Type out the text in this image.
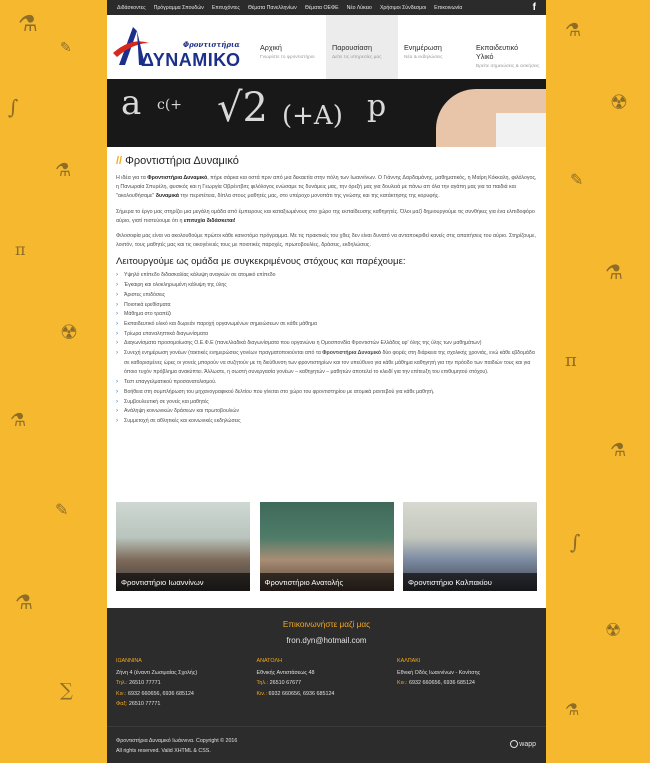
⚗
✎
∫
⚗
π
☢
⚗
✎
⚗
∑
⚗
☢
✎
⚗
π
⚗
∫
☢
⚗
Διδάσκοντες Πρόγραμμα Σπουδών Επιτυχόντες Θέματα Πανελληνίων Θέματα ΟΕΦΕ Νέο Λύκειο Χρήσιμοι Σύνδεσμοι Επικοινωνία	f
Φροντιστήρια
ΔΥΝΑΜΙΚΟ
Αρχική
Γνωρίστε το φροντιστήριο
Παρουσίαση
Δείτε τις υπηρεσίες μας
Ενημέρωση
Νέα & εκδηλώσεις
Εκπαιδευτικό Υλικό
Βρείτε σημειώσεις & ασκήσεις
a c(+ √2 (+A) p
// Φροντιστήρια Δυναμικό

Η ιδέα για τα Φροντιστήρια Δυναμικό, πήρε σάρκα και οστά πριν από μια δεκαετία στην πόλη των Ιωαννίνων. Ο Γιάννης Δαρδαμάνης, μαθηματικός, η Μαίρη Κόκκαλη, φιλόλογος, η Πανωραία Σπυρέλη, φυσικός και η Γεωργία Οβρέντβιτς φιλόλογος ενώσαμε τις δυνάμεις μας, την όρεξή μας για δουλειά με πάνω απ όλα την αγάπη μας για τα παιδιά και "ακολουθήσαμε" δυναμικά την περιπέτεια, δίπλα στους μαθητές μας, στο υπέροχο μονοπάτι της γνώσης και της κατάκτησης της κορυφής.

Σήμερα το έργο μας στηρίζει μια μεγάλη ομάδα από έμπειρους και καταξιωμένους στο χώρο της εκπαίδευσης καθηγητές. Όλοι μαζί δημιουργούμε τις συνθήκες για ένα ελπιδοφόρο αύριο, γιατί πιστεύουμε ότι η επιτυχία διδάσκεται!

Φιλοσοφία μας είναι να ακολουθούμε πρώτοι κάθε καινοτόμο πρόγραμμα. Με τις πρακτικές του χθες δεν είναι δυνατό να ανταποκριθεί κανείς στις απαιτήσεις του αύριο. Στηρίζουμε, λοιπόν, τους μαθητές μας και τις οικογένειές τους με ποιοτικές παροχές, πρωτοβουλίες, δράσεις, εκδηλώσεις.

Λειτουργούμε ως ομάδα με συγκεκριμένους στόχους και παρέχουμε:
› Υψηλό επίπεδο διδασκαλίας κάλυψη αναγκών σε ατομικό επίπεδο
› Έγκαιρη και ολοκληρωμένη κάλυψη της ύλης
› Άριστες επιδόσεις
› Ποιοτικά ερεθίσματα
› Μάθημα στο τραπέζι
› Εκπαιδευτικό υλικό και δωρεάν παροχή οργανωμένων σημειώσεων σε κάθε μάθημα
› Τρίωρα επαναληπτικά διαγωνίσματα
› Διαγωνίσματα προσομοίωσης Ο.Ε.Φ.Ε (πανελλαδικά διαγωνίσματα που οργανώνει η Ομοσπονδία Φροντιστών Ελλάδος εφ' όλης της ύλης των μαθημάτων)
› Συνεχή ενημέρωση γονέων (τακτικές ενημερώσεις γονέων πραγματοποιούνται από τα Φροντιστήρια Δυναμικό δύο φορές στη διάρκεια της σχολικής χρονιάς, ενώ κάθε εβδομάδα σε καθορισμένες ώρες οι γονείς μπορούν να συζητούν με τη διεύθυνση των φροντιστηρίων και τον υπεύθυνο για κάθε μάθημα καθηγητή για την πρόοδο των παιδιών τους και για όποιο τυχόν πρόβλημα ανακύπτει. Άλλωστε, η σωστή συνεργασία γονέων – καθηγητών – μαθητών αποτελεί το κλειδί για την επίτευξη του επιθυμητού στόχου).
› Τεστ επαγγελματικού προσανατολισμού.
› Βοήθεια στη συμπλήρωση του μηχανογραφικού δελτίου που γίνεται στο χώρο του φροντιστηρίου με ατομικά ραντεβού για κάθε μαθητή.
› Συμβουλευτική σε γονείς και μαθητές
› Ανάληψη κοινωνικών δράσεων και πρωτοβουλιών
› Συμμετοχή σε αθλητικές και κοινωνικές εκδηλώσεις
Φροντιστήριο Ιωαννίνων	Φροντιστήριο Ανατολής	Φροντιστήριο Καλπακίου
Επικοινωνήστε μαζί μας
fron.dyn@hotmail.com
ΙΩΑΝΝΙΝΑ
Ζήνη 4 (έναντι Ζωσιμαίας Σχολής)
Τηλ.: 26510 77771
Κιν.: 6932 660656, 6936 685124
Φαξ: 26510 77771
ΑΝΑΤΟΛΗ
Εθνικής Αντιστάσεως 48
Τηλ.: 26510 67677
Κιν.: 6932 660656, 6936 685124
ΚΑΛΠΑΚΙ
Εθνική Οδός Ιωαννίνων - Κονίτσης
Κιν.: 6932 660656, 6936 685124
Φροντιστήρια Δυναμικό Ιωάννινα. Copyright © 2016
All rights reserved. Valid XHTML & CSS.
wapp
